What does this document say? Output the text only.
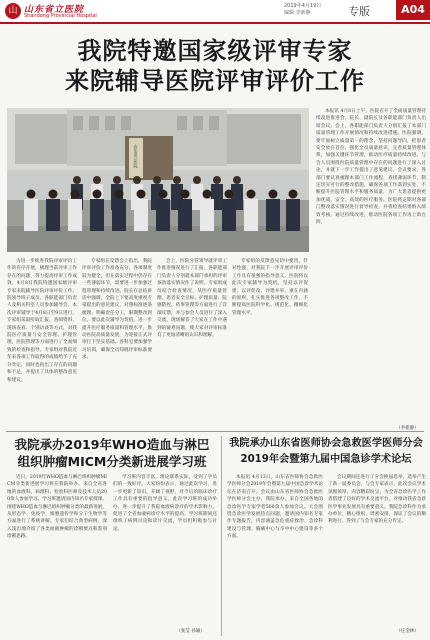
山 山东省立医院
Shandong Provincial Hospital
2019年4月19日
编辑 李新静	专版	A04
我院特邀国家级评审专家
来院辅导医院评审评价工作
山东省立医院

本报讯 4月8日上午，医院召开了全面质量管理持续改进推进会。院长、副院长及各职能部门负责人出席会议。会上，各职能部门负责人分别汇报了本部门质量管理工作开展情况和持续改进措施。医院强调，要牢固树立质量第一的理念，坚持问题导向，把患者安全放在首位，强化全员质量意识，完善质量管理体系，加强关键环节管理，推动医疗质量持续改进。与会人员围绕医院质量管理中存在的问题进行了深入讨论，并就下一步工作提出了意见建议。会议要求，各部门要认真梳理本部门工作流程，查找薄弱环节，制定切实可行的整改措施，确保各项工作落到实处，不断提升医院管理水平和服务质量，为广大患者提供更加优质、安全、高效的医疗服务。医院将定期对各部门整改落实情况进行督导检查，并将检查结果纳入绩效考核。通过持续改进，推动医院各项工作再上新台阶。

（李新静）

为进一步推进我院评审评价工作的有序开展，梳理当前评审工作存在的问题，努力提高评审工作成效，4月8日我院特邀国家级评审专家来院辅导医院评审评价工作。院领导班子成员、各职能部门负责人及相关科室人员参加辅导会。本次评审辅导于4月8日至9日进行，专家组采取听取汇报、查阅资料、现场查看、个别访谈等方式，对我院医疗质量与安全管理、护理管理、医院管理等方面进行了全面细致的检查和指导。专家组对我院近年来各项工作取得的成绩给予了充分肯定，同时也指出了存在的问题和不足，并提出了具体的整改意见和建议。

专家组在反馈会上指出，我院评审评价工作准备充分，各项制度较为健全，但在落实过程中仍存在一些薄弱环节，需要进一步加强过程管理和持续改进。院长在总结讲话中强调，全院上下要高度重视专家提出的意见建议，对照标准逐条梳理，明确责任分工，限期整改到位。要以此次辅导为契机，进一步提升医疗服务质量和管理水平，推动医院高质量发展，为迎接正式评审打下坚实基础。各科室要加强学习培训，确保全员知晓评审标准要求。

会上，医院分管领导就评审工作推进情况进行了汇报，各职能部门负责人分别就本部门承担的评审条款落实情况作了说明。专家组成员结合检查情况，从医疗质量管理、患者安全目标、护理质量、院感防控、药事管理等方面进行了详细反馈，并与参会人员进行了深入交流，现场解答了大家在工作中遇到的疑难问题，使大家对评审标准有了更加清晰的认识和理解。

专家组的反馈意见切中要害，针对性强，对我院下一步开展评审评价工作具有很强的指导意义。医院将以此次专家辅导为契机，坚持以评促建、以评促改、评建并举、重在内涵的原则，扎实推进各项整改工作，不断提高医院科学化、规范化、精细化管理水平。

我院承办2019年WHO造血与淋巴
组织肿瘤MICM分类新进展学习班

近日，2019年WHO造血与淋巴组织肿瘤MICM分类新进展学习班在我院举办。来自全省各地的血液科、病理科、检验科医师及技术人员200余人参加学习。学习班邀请国内知名专家授课，围绕WHO造血与淋巴组织肿瘤分类的最新进展，从形态学、免疫学、细胞遗传学和分子生物学等方面进行了系统讲解。专家们结合典型病例，深入浅出地介绍了各类血液肿瘤的诊断要点和鉴别诊断思路。

学习班内容丰富，理论联系实际，受到了学员们的一致好评。大家纷纷表示，通过此次学习，进一步更新了知识，开阔了视野，对今后的临床诊疗工作具有重要的指导意义。此次学习班的成功举办，进一步提升了我院血液病诊疗的学术影响力，促进了全省血液病诊疗水平的提高。学习班期间还组织了病例讨论和读片交流，学员们积极参与讨论。

（张莹 孙颖）
我院承办山东省医师协会急救医学医师分会
2019年会暨第九届中国急诊学术论坛

本报讯 4月13日，山东省医师协会急救医学医师分会2019年会暨第九届中国急诊学术论坛在济南召开。会议由山东省医师协会急救医学医师分会主办，我院承办。来自全国各地的急诊医学专家学者500余人参加会议。大会围绕急诊医学发展热点问题，邀请国内知名专家作专题报告，内容涵盖急危重症救治、急诊科建设与管理、胸痛中心与卒中中心建设等多个方面。

会议期间还进行了分会换届选举，选举产生了新一届委员会。与会专家表示，此次会议学术氛围浓厚，内容精彩纷呈，为全省急诊医学工作者搭建了良好的学术交流平台，对推动我省急诊医学事业发展具有重要意义。我院急诊科作为承办单位，精心组织，周密安排，保证了会议的顺利进行，得到了与会专家的充分肯定。

（任金林）
